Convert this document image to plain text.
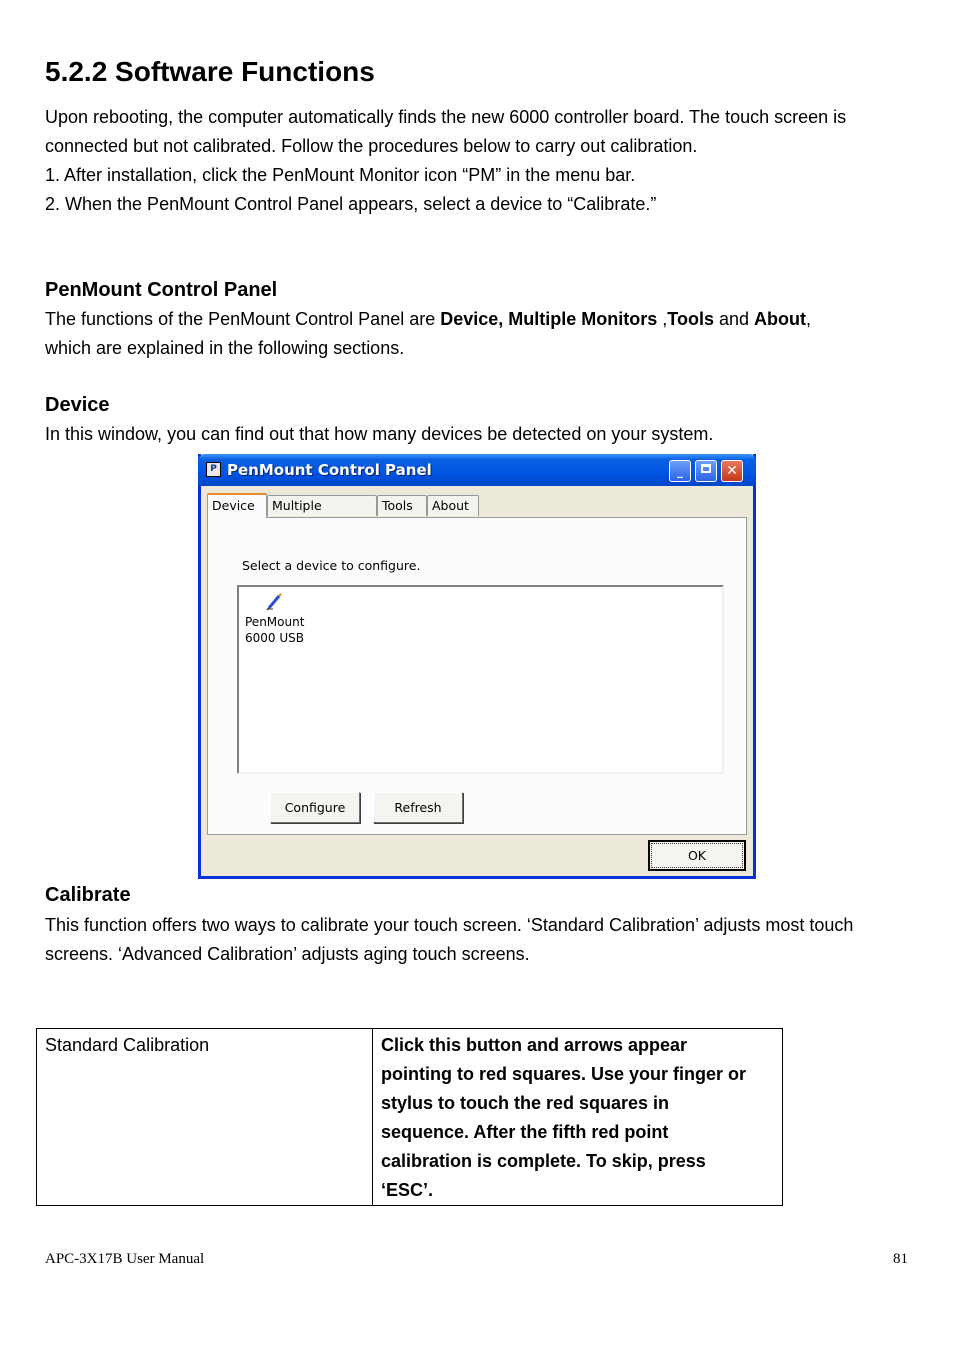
5.2.2 Software Functions
Upon rebooting, the computer automatically finds the new 6000 controller board. The touch screen is
connected but not calibrated. Follow the procedures below to carry out calibration.
1. After installation, click the PenMount Monitor icon “PM” in the menu bar.
2. When the PenMount Control Panel appears, select a device to “Calibrate.”
PenMount Control Panel
The functions of the PenMount Control Panel are Device, Multiple Monitors ,Tools and About,
which are explained in the following sections.
Device
In this window, you can find out that how many devices be detected on your system.
P PenMount Control Panel	_	✕
Device	Multiple	Tools	About
Select a device to configure.
PenMount
6000 USB
Configure	Refresh
OK
Calibrate
This function offers two ways to calibrate your touch screen. ‘Standard Calibration’ adjusts most touch
screens. ‘Advanced Calibration’ adjusts aging touch screens.
Standard Calibration	Click this button and arrows appear
pointing to red squares. Use your finger or
stylus to touch the red squares in
sequence. After the fifth red point
calibration is complete. To skip, press
‘ESC’.
APC-3X17B User Manual	81
